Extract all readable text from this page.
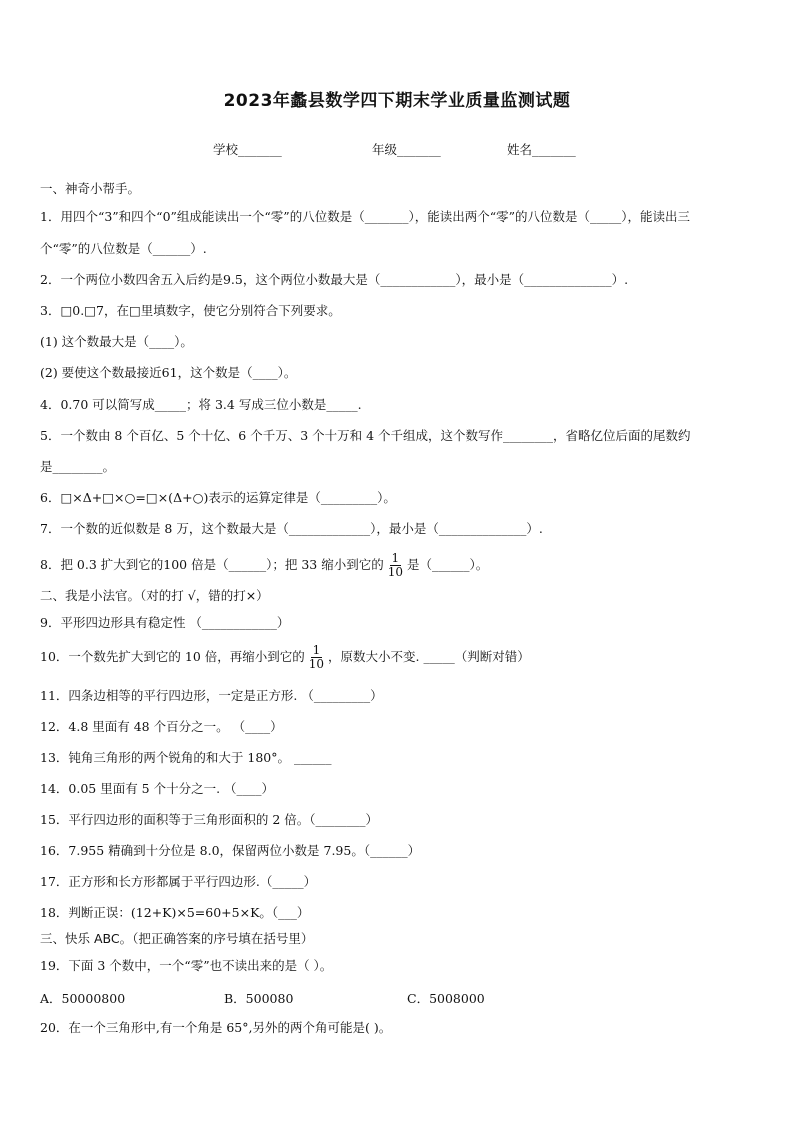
2023年蠡县数学四下期末学业质量监测试题
学校_______	年级_______	姓名_______
一、神奇小帮手。
1．用四个“3”和四个“0”组成能读出一个“零”的八位数是（_______），能读出两个“零”的八位数是（_____），能读出三
个“零”的八位数是（______）.
2．一个两位小数四舍五入后约是9.5，这个两位小数最大是（____________），最小是（______________）.
3．□0.□7，在□里填数字，使它分别符合下列要求。
(1) 这个数最大是（____）。
(2) 要使这个数最接近61，这个数是（____）。
4．0.70 可以简写成_____；将 3.4 写成三位小数是_____.
5．一个数由 8 个百亿、5 个十亿、6 个千万、3 个十万和 4 个千组成，这个数写作________，省略亿位后面的尾数约
是________。
6．□×Δ+□×○=□×(Δ+○)表示的运算定律是（_________）。
7．一个数的近似数是 8 万，这个数最大是（_____________），最小是（______________）.
8．把 0.3 扩大到它的100 倍是（______）；把 33 缩小到它的 $\frac{1}{10}$ 是（______）。
二、我是小法官。（对的打 √，错的打×）
9．平形四边形具有稳定性 （____________）
10．一个数先扩大到它的 10 倍，再缩小到它的 $\frac{1}{10}$ ，原数大小不变. _____（判断对错）
11．四条边相等的平行四边形，一定是正方形. （_________）
12．4.8 里面有 48 个百分之一。 （____）
13．钝角三角形的两个锐角的和大于 180°。 ______
14．0.05 里面有 5 个十分之一. （____）
15．平行四边形的面积等于三角形面积的 2 倍。（________）
16．7.955 精确到十分位是 8.0，保留两位小数是 7.95。（______）
17．正方形和长方形都属于平行四边形.（_____）
18．判断正误：(12+K)×5=60+5×K。（___）
三、快乐 ABC。（把正确答案的序号填在括号里）
19．下面 3 个数中，一个“零”也不读出来的是（ ）。
A．50000800	B．500080	C．5008000
20．在一个三角形中,有一个角是 65°,另外的两个角可能是( )。
